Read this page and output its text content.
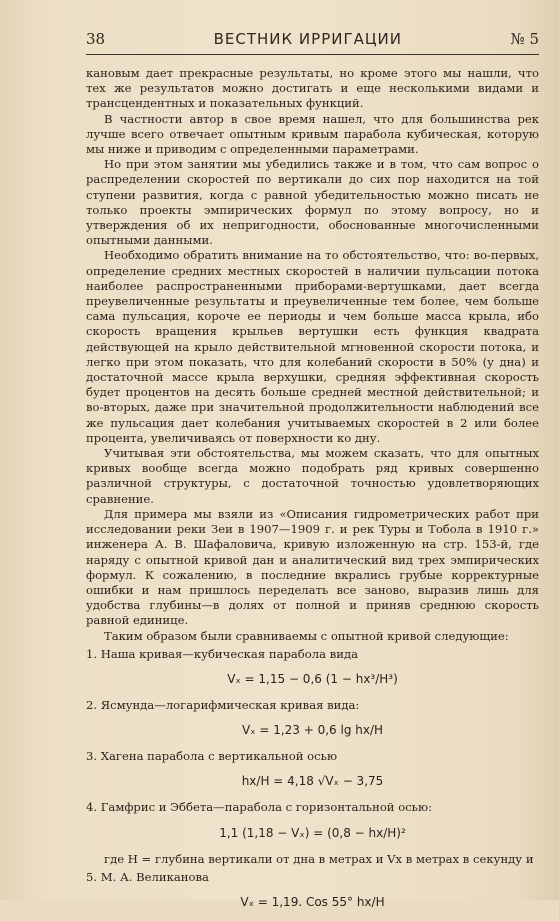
38	ВЕСТНИК ИРРИГАЦИИ	№ 5

кановым дает прекрасные результаты, но кроме этого мы нашли, что тех же результатов можно достигать и еще несколькими видами и трансцендентных и показательных функций.

В частности автор в свое время нашел, что для большинства рек лучше всего отвечает опытным кривым парабола кубическая, которую мы ниже и приводим с определенными параметрами.

Но при этом занятии мы убедились также и в том, что сам вопрос о распределении скоростей по вертикали до сих пор находится на той ступени развития, когда с равной убедительностью можно писать не только проекты эмпирических формул по этому вопросу, но и утверждения об их непригодности, обоснованные многочисленными опытными данными.

Необходимо обратить внимание на то обстоятельство, что: во-первых, определение средних местных скоростей в наличии пульсации потока наиболее распространенными приборами-вертушками, дает всегда преувеличенные результаты и преувеличенные тем более, чем больше сама пульсация, короче ее периоды и чем больше масса крыла, ибо скорость вращения крыльев вертушки есть функция квадрата действующей на крыло действительной мгновенной скорости потока, и легко при этом показать, что для колебаний скорости в 50% (у дна) и достаточной массе крыла верхушки, средняя эффективная скорость будет процентов на десять больше средней местной действительной; и во-вторых, даже при значительной продолжительности наблюдений все же пульсация дает колебания учитываемых скоростей в 2 или более процента, увеличиваясь от поверхности ко дну.

Учитывая эти обстоятельства, мы можем сказать, что для опытных кривых вообще всегда можно подобрать ряд кривых совершенно различной структуры, с достаточной точностью удовлетворяющих сравнение.

Для примера мы взяли из «Описания гидрометрических работ при исследовании реки Зеи в 1907—1909 г. и рек Туры и Тобола в 1910 г.» инженера А. В. Шафаловича, кривую изложенную на стр. 153-й, где наряду с опытной кривой дан и аналитический вид трех эмпирических формул. К сожалению, в последние вкрались грубые корректурные ошибки и нам пришлось переделать все заново, выразив лишь для удобства глубины—в долях от полной и приняв среднюю скорость равной единице.

Таким образом были сравниваемы с опытной кривой следующие:

1. Наша кривая—кубическая парабола вида

Vₓ = 1,15 − 0,6 (1 − hx³/H³)

2. Ясмунда—логарифмическая кривая вида:

Vₓ = 1,23 + 0,6 lg hx/H

3. Хагена парабола с вертикальной осью

hx/H = 4,18 √Vₓ − 3,75

4. Гамфрис и Эббета—парабола с горизонтальной осью:

1,1 (1,18 − Vₓ) = (0,8 − hx/H)²

где H = глубина вертикали от дна в метрах и Vx в метрах в секунду и

5. М. А. Великанова

Vₓ = 1,19. Cos 55° hx/H
